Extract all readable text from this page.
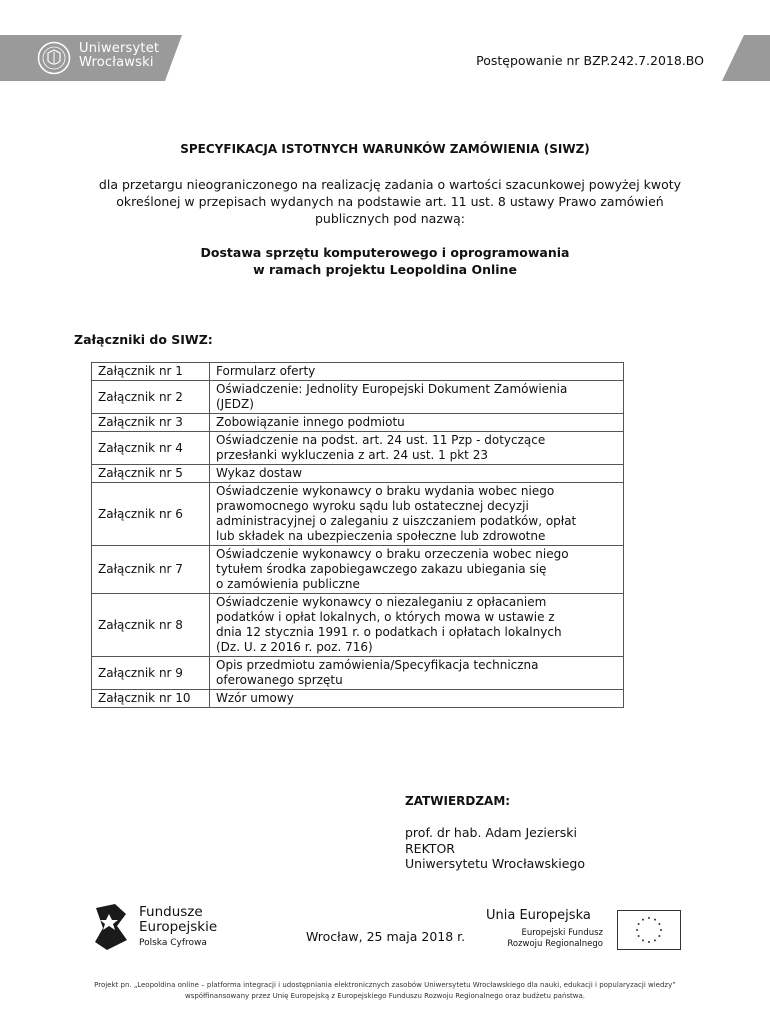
Uniwersytet
Wrocławski	Postępowanie nr BZP.242.7.2018.BO
SPECYFIKACJA ISTOTNYCH WARUNKÓW ZAMÓWIENIA (SIWZ)
dla przetargu nieograniczonego na realizację zadania o wartości szacunkowej powyżej kwoty
określonej w przepisach wydanych na podstawie art. 11 ust. 8 ustawy Prawo zamówień
publicznych pod nazwą:
Dostawa sprzętu komputerowego i oprogramowania
w ramach projektu Leopoldina Online
Załączniki do SIWZ:
Załącznik nr 1	Formularz oferty

Załącznik nr 2	Oświadczenie: Jednolity Europejski Dokument Zamówienia
(JEDZ)

Załącznik nr 3	Zobowiązanie innego podmiotu

Załącznik nr 4	Oświadczenie na podst. art. 24 ust. 11 Pzp - dotyczące
przesłanki wykluczenia z art. 24 ust. 1 pkt 23

Załącznik nr 5	Wykaz dostaw

Załącznik nr 6	Oświadczenie wykonawcy o braku wydania wobec niego
prawomocnego wyroku sądu lub ostatecznej decyzji
administracyjnej o zaleganiu z uiszczaniem podatków, opłat
lub składek na ubezpieczenia społeczne lub zdrowotne

Załącznik nr 7	Oświadczenie wykonawcy o braku orzeczenia wobec niego
tytułem środka zapobiegawczego zakazu ubiegania się
o zamówienia publiczne

Załącznik nr 8	Oświadczenie wykonawcy o niezaleganiu z opłacaniem
podatków i opłat lokalnych, o których mowa w ustawie z
dnia 12 stycznia 1991 r. o podatkach i opłatach lokalnych
(Dz. U. z 2016 r. poz. 716)

Załącznik nr 9	Opis przedmiotu zamówienia/Specyfikacja techniczna
oferowanego sprzętu

Załącznik nr 10	Wzór umowy
ZATWIERDZAM:
prof. dr hab. Adam Jezierski
REKTOR
Uniwersytetu Wrocławskiego
Fundusze
Europejskie
Polska Cyfrowa	Wrocław, 25 maja 2018 r.
Unia Europejska
Europejski Fundusz
Rozwoju Regionalnego
Projekt pn. „Leopoldina online – platforma integracji i udostępniania elektronicznych zasobów Uniwersytetu Wrocławskiego dla nauki, edukacji i popularyzacji wiedzy”
współfinansowany przez Unię Europejską z Europejskiego Funduszu Rozwoju Regionalnego oraz budżetu państwa.
